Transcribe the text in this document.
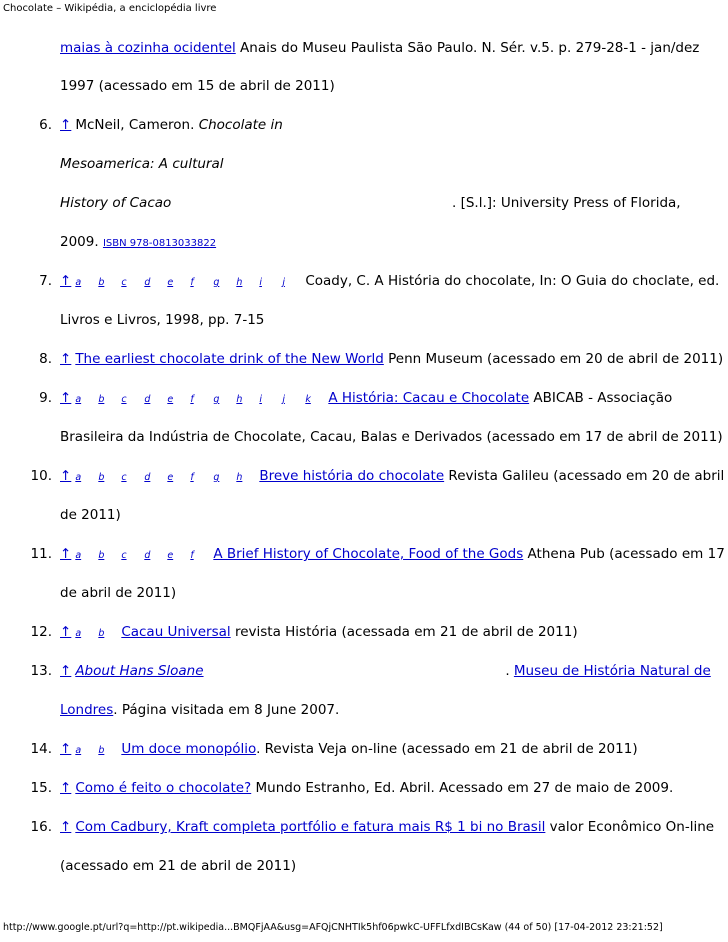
Chocolate – Wikipédia, a enciclopédia livre
maias à cozinha ocidentel Anais do Museu Paulista São Paulo. N. Sér. v.5. p. 279-28-1 - jan/dez
1997 (acessado em 15 de abril de 2011)
6. ↑ McNeil, Cameron. Chocolate in
Mesoamerica: A cultural
History of Cacao	. [S.l.]: University Press of Florida,
2009. ISBN 978-0813033822
7. ↑ a b c d e f g h i j Coady, C. A História do chocolate, In: O Guia do choclate, ed.
Livros e Livros, 1998, pp. 7-15
8. ↑ The earliest chocolate drink of the New World Penn Museum (acessado em 20 de abril de 2011)
9. ↑ a b c d e f g h i j k A História: Cacau e Chocolate ABICAB - Associação
Brasileira da Indústria de Chocolate, Cacau, Balas e Derivados (acessado em 17 de abril de 2011)
10. ↑ a b c d e f g h Breve história do chocolate Revista Galileu (acessado em 20 de abril
de 2011)
11. ↑ a b c d e f A Brief History of Chocolate, Food of the Gods Athena Pub (acessado em 17
de abril de 2011)
12. ↑ a b Cacau Universal revista História (acessada em 21 de abril de 2011)
13. ↑ About Hans Sloane	. Museu de História Natural de
Londres. Página visitada em 8 June 2007.
14. ↑ a b Um doce monopólio. Revista Veja on-line (acessado em 21 de abril de 2011)
15. ↑ Como é feito o chocolate? Mundo Estranho, Ed. Abril. Acessado em 27 de maio de 2009.
16. ↑ Com Cadbury, Kraft completa portfólio e fatura mais R$ 1 bi no Brasil valor Econômico On-line
(acessado em 21 de abril de 2011)
http://www.google.pt/url?q=http://pt.wikipedia...BMQFjAA&usg=AFQjCNHTIk5hf06pwkC-UFFLfxdIBCsKaw (44 of 50) [17-04-2012 23:21:52]
